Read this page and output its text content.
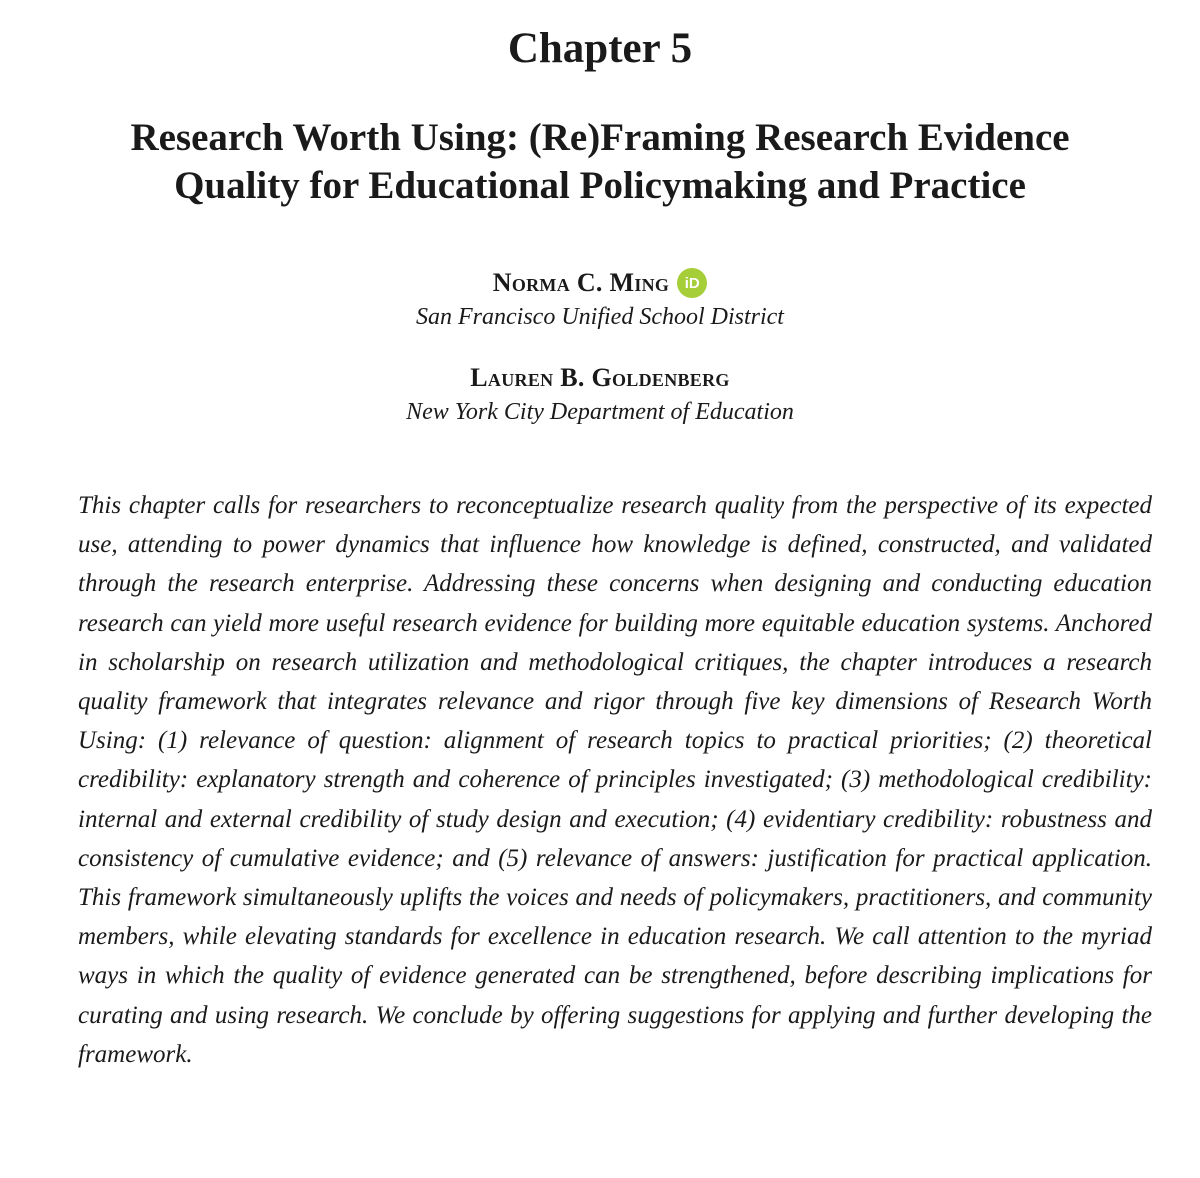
Chapter 5
Research Worth Using: (Re)Framing Research Evidence
Quality for Educational Policymaking and Practice
Norma C. Ming	iD
San Francisco Unified School District
Lauren B. Goldenberg
New York City Department of Education

This chapter calls for researchers to reconceptualize research quality from the perspective of its expected use, attending to power dynamics that influence how knowledge is defined, constructed, and validated through the research enterprise. Addressing these concerns when designing and conducting education research can yield more useful research evidence for building more equitable education systems. Anchored in scholarship on research utilization and methodological critiques, the chapter introduces a research quality framework that integrates relevance and rigor through five key dimensions of Research Worth Using: (1) relevance of question: alignment of research topics to practical priorities; (2) theoretical credibility: explanatory strength and coherence of principles investigated; (3) methodological credibility: internal and external credibility of study design and execution; (4) evidentiary credibility: robustness and consistency of cumulative evidence; and (5) relevance of answers: justification for practical application. This framework simultaneously uplifts the voices and needs of policymakers, practitioners, and community members, while elevating standards for excellence in education research. We call attention to the myriad ways in which the quality of evidence generated can be strengthened, before describing implications for curating and using research. We conclude by offering suggestions for applying and further developing the framework.
